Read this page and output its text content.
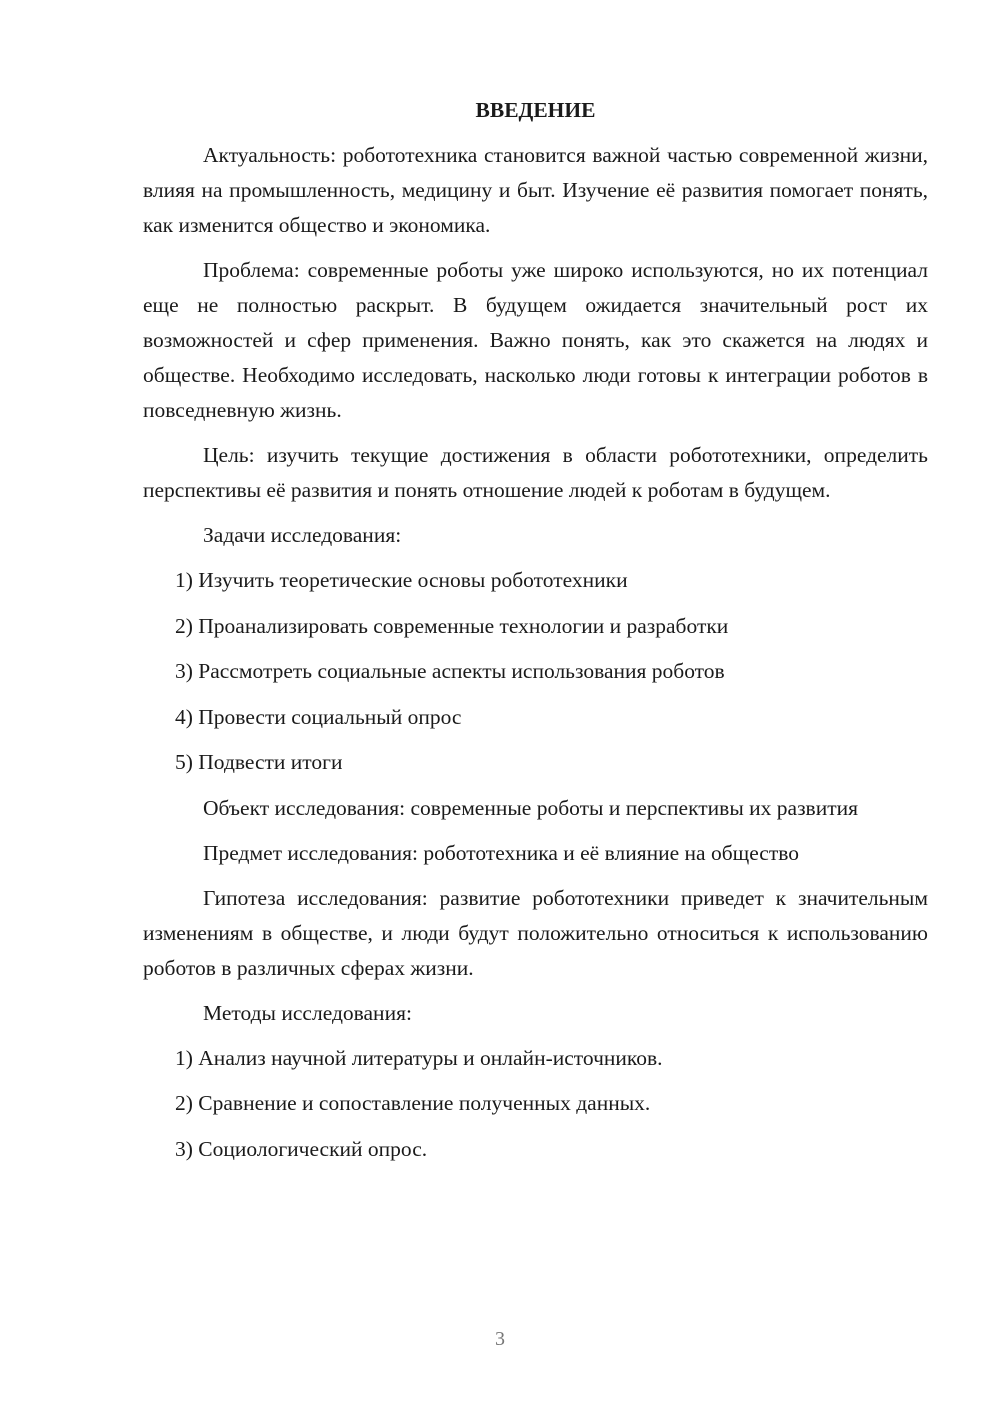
ВВЕДЕНИЕ

Актуальность: робототехника становится важной частью современной жизни, влияя на промышленность, медицину и быт. Изучение её развития помогает понять, как изменится общество и экономика.

Проблема: современные роботы уже широко используются, но их потенциал еще не полностью раскрыт. В будущем ожидается значительный рост их возможностей и сфер применения. Важно понять, как это скажется на людях и обществе. Необходимо исследовать, насколько люди готовы к интеграции роботов в повседневную жизнь.

Цель: изучить текущие достижения в области робототехники, определить перспективы её развития и понять отношение людей к роботам в будущем.

Задачи исследования:

1) Изучить теоретические основы робототехники
2) Проанализировать современные технологии и разработки
3) Рассмотреть социальные аспекты использования роботов
4) Провести социальный опрос
5) Подвести итоги

Объект исследования: современные роботы и перспективы их развития

Предмет исследования: робототехника и её влияние на общество

Гипотеза исследования: развитие робототехники приведет к значительным изменениям в обществе, и люди будут положительно относиться к использованию роботов в различных сферах жизни.

Методы исследования:

1) Анализ научной литературы и онлайн-источников.
2) Сравнение и сопоставление полученных данных.
3) Социологический опрос.
3
